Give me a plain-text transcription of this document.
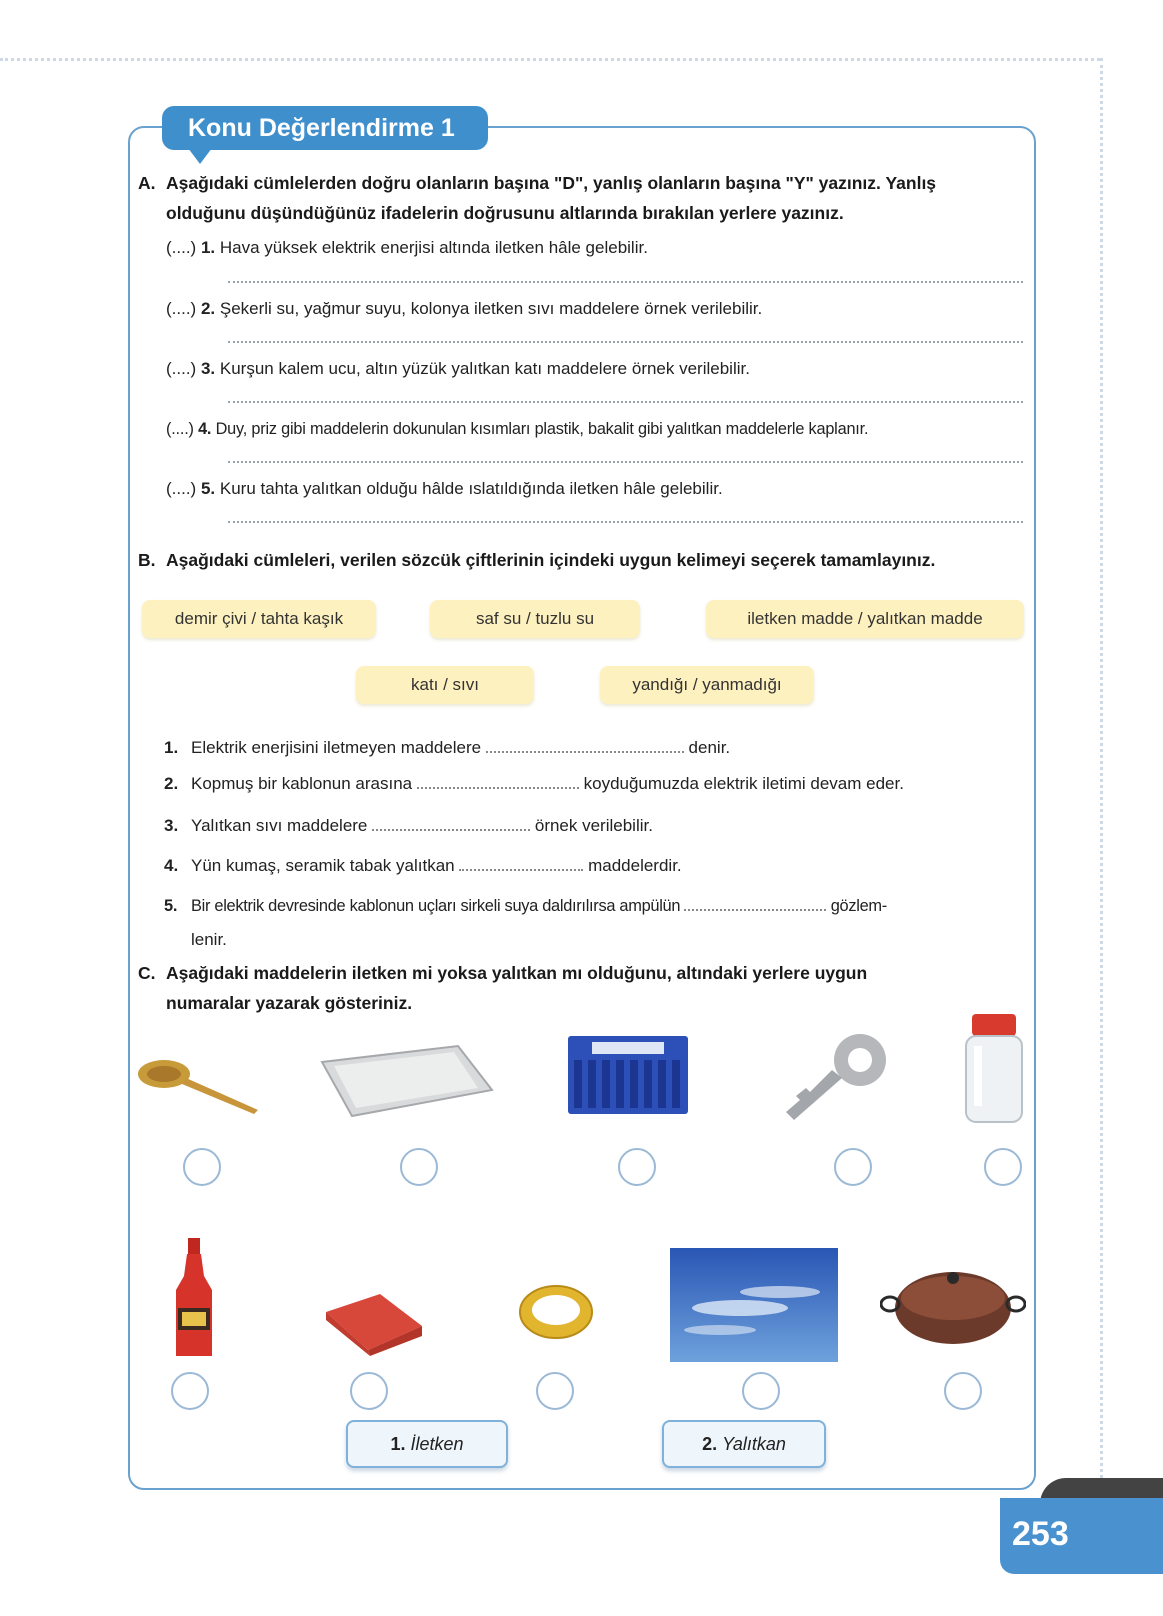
Konu Değerlendirme 1
A. Aşağıdaki cümlelerden doğru olanların başına "D", yanlış olanların başına "Y" yazınız. Yanlış
olduğunu düşündüğünüz ifadelerin doğrusunu altlarında bırakılan yerlere yazınız.
(....) 1. Hava yüksek elektrik enerjisi altında iletken hâle gelebilir.
(....) 2. Şekerli su, yağmur suyu, kolonya iletken sıvı maddelere örnek verilebilir.
(....) 3. Kurşun kalem ucu, altın yüzük yalıtkan katı maddelere örnek verilebilir.
(....) 4. Duy, priz gibi maddelerin dokunulan kısımları plastik, bakalit gibi yalıtkan maddelerle kaplanır.
(....) 5. Kuru tahta yalıtkan olduğu hâlde ıslatıldığında iletken hâle gelebilir.
B. Aşağıdaki cümleleri, verilen sözcük çiftlerinin içindeki uygun kelimeyi seçerek tamamlayınız.
demir çivi / tahta kaşık	saf su / tuzlu su	iletken madde / yalıtkan madde
katı / sıvı	yandığı / yanmadığı
1. Elektrik enerjisini iletmeyen maddelere	denir.
2. Kopmuş bir kablonun arasına	koyduğumuzda elektrik iletimi devam eder.
3. Yalıtkan sıvı maddelere	örnek verilebilir.
4. Yün kumaş, seramik tabak yalıtkan	maddelerdir.
5. Bir elektrik devresinde kablonun uçları sirkeli suya daldırılırsa ampülün	gözlem-
lenir.
C. Aşağıdaki maddelerin iletken mi yoksa yalıtkan mı olduğunu, altındaki yerlere uygun
numaralar yazarak gösteriniz.
1. İletken	2. Yalıtkan
253
